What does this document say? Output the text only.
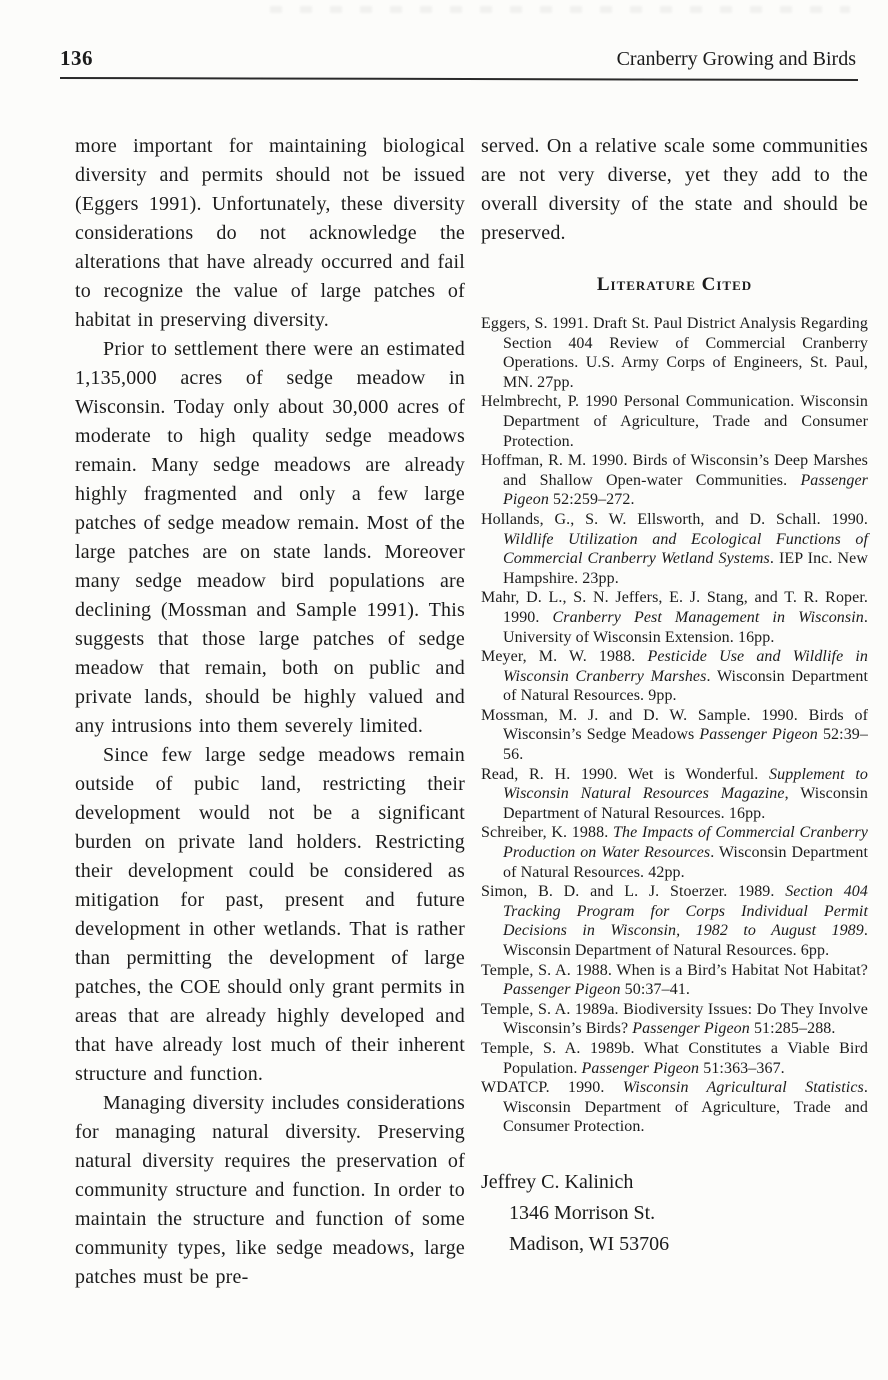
136	Cranberry Growing and Birds

more important for maintaining biological diversity and permits should not be issued (Eggers 1991). Unfortunately, these diversity considerations do not acknowledge the alterations that have already occurred and fail to recognize the value of large patches of habitat in preserving diversity.

Prior to settlement there were an estimated 1,135,000 acres of sedge meadow in Wisconsin. Today only about 30,000 acres of moderate to high quality sedge meadows remain. Many sedge meadows are already highly fragmented and only a few large patches of sedge meadow remain. Most of the large patches are on state lands. Moreover many sedge meadow bird populations are declining (Mossman and Sample 1991). This suggests that those large patches of sedge meadow that remain, both on public and private lands, should be highly valued and any intrusions into them severely limited.

Since few large sedge meadows remain outside of pubic land, restricting their development would not be a significant burden on private land holders. Restricting their development could be considered as mitigation for past, present and future development in other wetlands. That is rather than permitting the development of large patches, the COE should only grant permits in areas that are already highly developed and that have already lost much of their inherent structure and function.

Managing diversity includes considerations for managing natural diversity. Preserving natural diversity requires the preservation of community structure and function. In order to maintain the structure and function of some community types, like sedge meadows, large patches must be pre-

served. On a relative scale some communities are not very diverse, yet they add to the overall diversity of the state and should be preserved.

Literature Cited

Eggers, S. 1991. Draft St. Paul District Analysis Regarding Section 404 Review of Commercial Cranberry Operations. U.S. Army Corps of Engineers, St. Paul, MN. 27pp.

Helmbrecht, P. 1990 Personal Communication. Wisconsin Department of Agriculture, Trade and Consumer Protection.

Hoffman, R. M. 1990. Birds of Wisconsin’s Deep Marshes and Shallow Open-water Communities. Passenger Pigeon 52:259–272.

Hollands, G., S. W. Ellsworth, and D. Schall. 1990. Wildlife Utilization and Ecological Functions of Commercial Cranberry Wetland Systems. IEP Inc. New Hampshire. 23pp.

Mahr, D. L., S. N. Jeffers, E. J. Stang, and T. R. Roper. 1990. Cranberry Pest Management in Wisconsin. University of Wisconsin Extension. 16pp.

Meyer, M. W. 1988. Pesticide Use and Wildlife in Wisconsin Cranberry Marshes. Wisconsin Department of Natural Resources. 9pp.

Mossman, M. J. and D. W. Sample. 1990. Birds of Wisconsin’s Sedge Meadows Passenger Pigeon 52:39–56.

Read, R. H. 1990. Wet is Wonderful. Supplement to Wisconsin Natural Resources Magazine, Wisconsin Department of Natural Resources. 16pp.

Schreiber, K. 1988. The Impacts of Commercial Cranberry Production on Water Resources. Wisconsin Department of Natural Resources. 42pp.

Simon, B. D. and L. J. Stoerzer. 1989. Section 404 Tracking Program for Corps Individual Permit Decisions in Wisconsin, 1982 to August 1989. Wisconsin Department of Natural Resources. 6pp.

Temple, S. A. 1988. When is a Bird’s Habitat Not Habitat? Passenger Pigeon 50:37–41.

Temple, S. A. 1989a. Biodiversity Issues: Do They Involve Wisconsin’s Birds? Passenger Pigeon 51:285–288.

Temple, S. A. 1989b. What Constitutes a Viable Bird Population. Passenger Pigeon 51:363–367.

WDATCP. 1990. Wisconsin Agricultural Statistics. Wisconsin Department of Agriculture, Trade and Consumer Protection.

Jeffrey C. Kalinich

1346 Morrison St.
Madison, WI 53706
